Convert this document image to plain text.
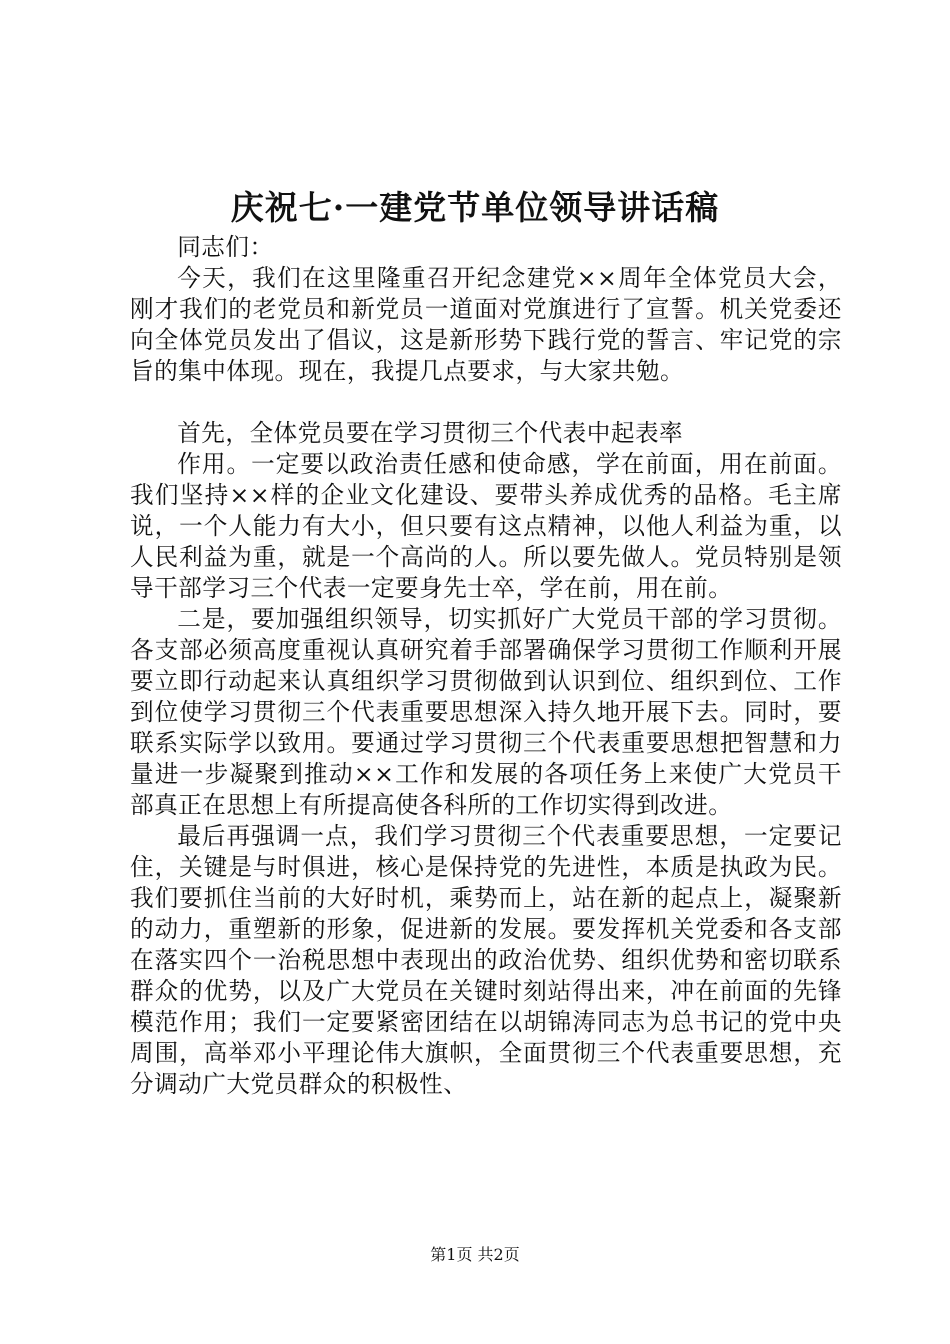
庆祝七·一建党节单位领导讲话稿

同志们：

今天，我们在这里隆重召开纪念建党××周年全体党员大会，刚才我们的老党员和新党员一道面对党旗进行了宣誓。机关党委还向全体党员发出了倡议，这是新形势下践行党的誓言、牢记党的宗旨的集中体现。现在，我提几点要求，与大家共勉。

首先，全体党员要在学习贯彻三个代表中起表率

作用。一定要以政治责任感和使命感，学在前面，用在前面。我们坚持××样的企业文化建设、要带头养成优秀的品格。毛主席说，一个人能力有大小，但只要有这点精神，以他人利益为重，以人民利益为重，就是一个高尚的人。所以要先做人。党员特别是领导干部学习三个代表一定要身先士卒，学在前，用在前。

二是，要加强组织领导，切实抓好广大党员干部的学习贯彻。各支部必须高度重视认真研究着手部署确保学习贯彻工作顺利开展要立即行动起来认真组织学习贯彻做到认识到位、组织到位、工作到位使学习贯彻三个代表重要思想深入持久地开展下去。同时，要联系实际学以致用。要通过学习贯彻三个代表重要思想把智慧和力量进一步凝聚到推动××工作和发展的各项任务上来使广大党员干部真正在思想上有所提高使各科所的工作切实得到改进。

最后再强调一点，我们学习贯彻三个代表重要思想，一定要记住，关键是与时俱进，核心是保持党的先进性，本质是执政为民。我们要抓住当前的大好时机，乘势而上，站在新的起点上，凝聚新的动力，重塑新的形象，促进新的发展。要发挥机关党委和各支部在落实四个一治税思想中表现出的政治优势、组织优势和密切联系群众的优势，以及广大党员在关键时刻站得出来，冲在前面的先锋模范作用；我们一定要紧密团结在以胡锦涛同志为总书记的党中央周围，高举邓小平理论伟大旗帜，全面贯彻三个代表重要思想，充分调动广大党员群众的积极性、

第1页 共2页
